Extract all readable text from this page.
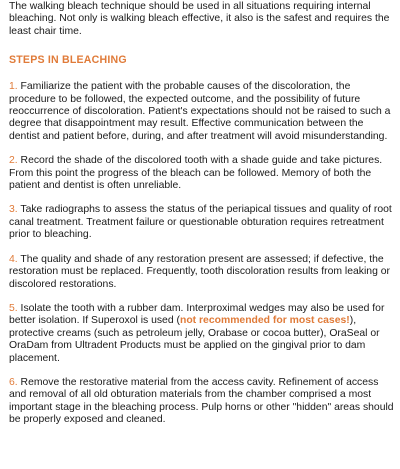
The walking bleach technique should be used in all situations requiring internal bleaching. Not only is walking bleach effective, it also is the safest and requires the least chair time.

STEPS IN BLEACHING

1. Familiarize the patient with the probable causes of the discoloration, the procedure to be followed, the expected outcome, and the possibility of future reoccurrence of discoloration. Patient's expectations should not be raised to such a degree that disappointment may result. Effective communication between the dentist and patient before, during, and after treatment will avoid misunderstanding.

2. Record the shade of the discolored tooth with a shade guide and take pictures. From this point the progress of the bleach can be followed. Memory of both the patient and dentist is often unreliable.

3. Take radiographs to assess the status of the periapical tissues and quality of root canal treatment. Treatment failure or questionable obturation requires retreatment prior to bleaching.

4. The quality and shade of any restoration present are assessed; if defective, the restoration must be replaced. Frequently, tooth discoloration results from leaking or discolored restorations.

5. Isolate the tooth with a rubber dam. Interproximal wedges may also be used for better isolation. If Superoxol is used (not recommended for most cases!), protective creams (such as petroleum jelly, Orabase or cocoa butter), OraSeal or OraDam from Ultradent Products must be applied on the gingival prior to dam placement.

6. Remove the restorative material from the access cavity. Refinement of access and removal of all old obturation materials from the chamber comprised a most important stage in the bleaching process. Pulp horns or other "hidden" areas should be properly exposed and cleaned.
